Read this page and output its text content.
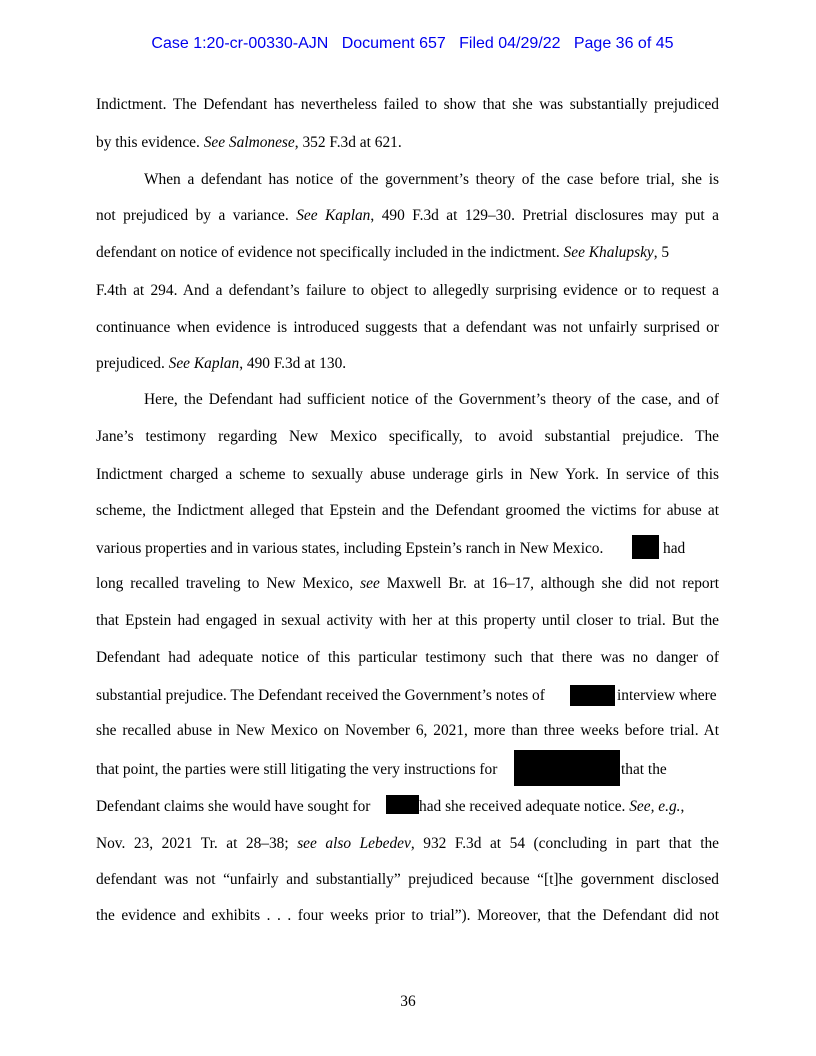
Case 1:20-cr-00330-AJN Document 657 Filed 04/29/22 Page 36 of 45

Indictment. The Defendant has nevertheless failed to show that she was substantially prejudiced
by this evidence. See Salmonese, 352 F.3d at 621.
When a defendant has notice of the government’s theory of the case before trial, she is
not prejudiced by a variance. See Kaplan, 490 F.3d at 129–30. Pretrial disclosures may put a
defendant on notice of evidence not specifically included in the indictment. See Khalupsky, 5
F.4th at 294. And a defendant’s failure to object to allegedly surprising evidence or to request a
continuance when evidence is introduced suggests that a defendant was not unfairly surprised or
prejudiced. See Kaplan, 490 F.3d at 130.
Here, the Defendant had sufficient notice of the Government’s theory of the case, and of
Jane’s testimony regarding New Mexico specifically, to avoid substantial prejudice. The
Indictment charged a scheme to sexually abuse underage girls in New York. In service of this
scheme, the Indictment alleged that Epstein and the Defendant groomed the victims for abuse at
various properties and in various states, including Epstein’s ranch in New Mexico.
long recalled traveling to New Mexico, see Maxwell Br. at 16–17, although she did not report
that Epstein had engaged in sexual activity with her at this property until closer to trial. But the
Defendant had adequate notice of this particular testimony such that there was no danger of
substantial prejudice. The Defendant received the Government’s notes of
she recalled abuse in New Mexico on November 6, 2021, more than three weeks before trial. At
that point, the parties were still litigating the very instructions for
Defendant claims she would have sought for
Nov. 23, 2021 Tr. at 28–38; see also Lebedev, 932 F.3d at 54 (concluding in part that the
defendant was not “unfairly and substantially” prejudiced because “[t]he government disclosed
the evidence and exhibits . . . four weeks prior to trial”). Moreover, that the Defendant did not
had
interview where
that the
had she received adequate notice. See, e.g.,
36
